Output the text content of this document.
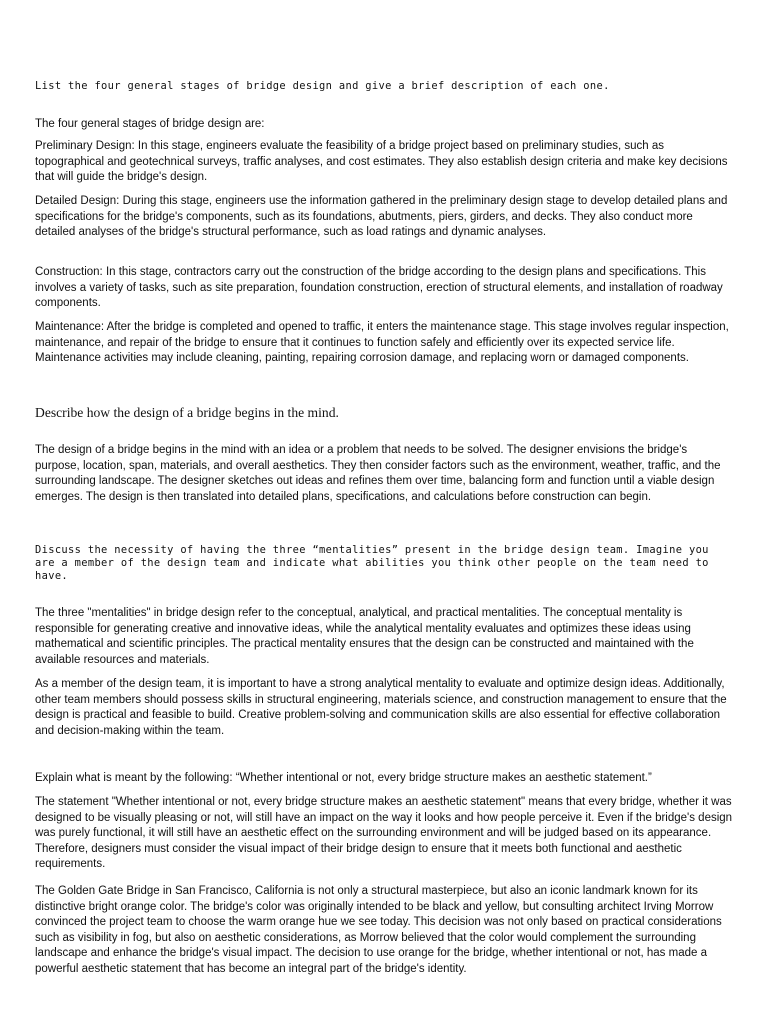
List the four general stages of bridge design and give a brief description of each one.

The four general stages of bridge design are:

Preliminary Design: In this stage, engineers evaluate the feasibility of a bridge project based on preliminary studies, such as topographical and geotechnical surveys, traffic analyses, and cost estimates. They also establish design criteria and make key decisions that will guide the bridge's design.

Detailed Design: During this stage, engineers use the information gathered in the preliminary design stage to develop detailed plans and specifications for the bridge's components, such as its foundations, abutments, piers, girders, and decks. They also conduct more detailed analyses of the bridge's structural performance, such as load ratings and dynamic analyses.

Construction: In this stage, contractors carry out the construction of the bridge according to the design plans and specifications. This involves a variety of tasks, such as site preparation, foundation construction, erection of structural elements, and installation of roadway components.

Maintenance: After the bridge is completed and opened to traffic, it enters the maintenance stage. This stage involves regular inspection, maintenance, and repair of the bridge to ensure that it continues to function safely and efficiently over its expected service life. Maintenance activities may include cleaning, painting, repairing corrosion damage, and replacing worn or damaged components.

Describe how the design of a bridge begins in the mind.

The design of a bridge begins in the mind with an idea or a problem that needs to be solved. The designer envisions the bridge's purpose, location, span, materials, and overall aesthetics. They then consider factors such as the environment, weather, traffic, and the surrounding landscape. The designer sketches out ideas and refines them over time, balancing form and function until a viable design emerges. The design is then translated into detailed plans, specifications, and calculations before construction can begin.

Discuss the necessity of having the three “mentalities” present in the bridge design team. Imagine you are a member of the design team and indicate what abilities you think other people on the team need to have.

The three "mentalities" in bridge design refer to the conceptual, analytical, and practical mentalities. The conceptual mentality is responsible for generating creative and innovative ideas, while the analytical mentality evaluates and optimizes these ideas using mathematical and scientific principles. The practical mentality ensures that the design can be constructed and maintained with the available resources and materials.

As a member of the design team, it is important to have a strong analytical mentality to evaluate and optimize design ideas. Additionally, other team members should possess skills in structural engineering, materials science, and construction management to ensure that the design is practical and feasible to build. Creative problem-solving and communication skills are also essential for effective collaboration and decision-making within the team.

Explain what is meant by the following: “Whether intentional or not, every bridge structure makes an aesthetic statement.”

The statement "Whether intentional or not, every bridge structure makes an aesthetic statement" means that every bridge, whether it was designed to be visually pleasing or not, will still have an impact on the way it looks and how people perceive it. Even if the bridge's design was purely functional, it will still have an aesthetic effect on the surrounding environment and will be judged based on its appearance. Therefore, designers must consider the visual impact of their bridge design to ensure that it meets both functional and aesthetic requirements.

The Golden Gate Bridge in San Francisco, California is not only a structural masterpiece, but also an iconic landmark known for its distinctive bright orange color. The bridge's color was originally intended to be black and yellow, but consulting architect Irving Morrow convinced the project team to choose the warm orange hue we see today. This decision was not only based on practical considerations such as visibility in fog, but also on aesthetic considerations, as Morrow believed that the color would complement the surrounding landscape and enhance the bridge's visual impact. The decision to use orange for the bridge, whether intentional or not, has made a powerful aesthetic statement that has become an integral part of the bridge's identity.
